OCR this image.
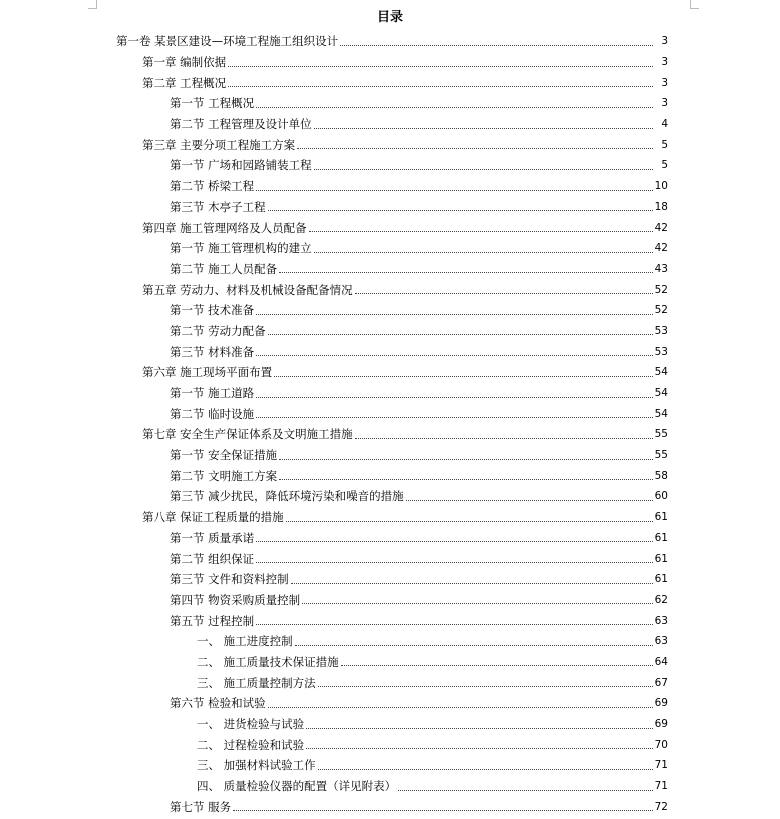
目录
第一卷 某景区建设—环境工程施工组织设计	3
第一章 编制依据	3
第二章 工程概况	3
第一节 工程概况	3
第二节 工程管理及设计单位	4
第三章 主要分项工程施工方案	5
第一节 广场和园路铺装工程	5
第二节 桥梁工程	10
第三节 木亭子工程	18
第四章 施工管理网络及人员配备	42
第一节 施工管理机构的建立	42
第二节 施工人员配备	43
第五章 劳动力、材料及机械设备配备情况	52
第一节 技术准备	52
第二节 劳动力配备	53
第三节 材料准备	53
第六章 施工现场平面布置	54
第一节 施工道路	54
第二节 临时设施	54
第七章 安全生产保证体系及文明施工措施	55
第一节 安全保证措施	55
第二节 文明施工方案	58
第三节 减少扰民，降低环境污染和噪音的措施	60
第八章 保证工程质量的措施	61
第一节 质量承诺	61
第二节 组织保证	61
第三节 文件和资料控制	61
第四节 物资采购质量控制	62
第五节 过程控制	63
一、 施工进度控制	63
二、 施工质量技术保证措施	64
三、 施工质量控制方法	67
第六节 检验和试验	69
一、 进货检验与试验	69
二、 过程检验和试验	70
三、 加强材料试验工作	71
四、 质量检验仪器的配置（详见附表）	71
第七节 服务	72
